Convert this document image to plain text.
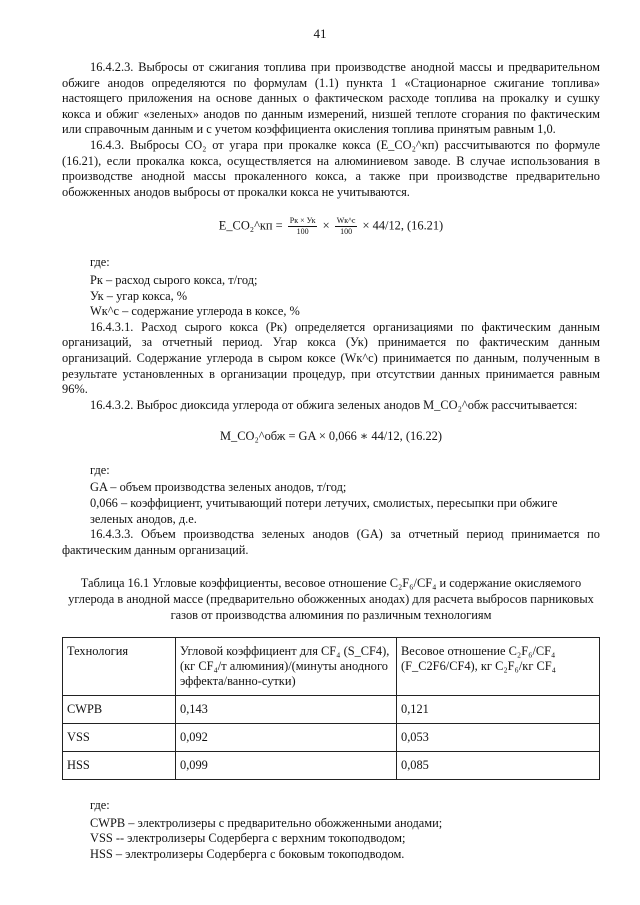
41

16.4.2.3. Выбросы от сжигания топлива при производстве анодной массы и предварительном обжиге анодов определяются по формулам (1.1) пункта 1 «Стационарное сжигание топлива» настоящего приложения на основе данных о фактическом расходе топлива на прокалку и сушку кокса и обжиг «зеленых» анодов по данным измерений, низшей теплоте сгорания по фактическим или справочным данным и с учетом коэффициента окисления топлива принятым равным 1,0.

16.4.3. Выбросы CO₂ от угара при прокалке кокса (E_CO₂^кп) рассчитываются по формуле (16.21), если прокалка кокса, осуществляется на алюминиевом заводе. В случае использования в производстве анодной массы прокаленного кокса, а также при производстве предварительно обожженных анодов выбросы от прокалки кокса не учитываются.

E_CO₂^кп = $\frac{Pк \times Ук}{100} \times \frac{Wк\^{}c}{100} \times 44/12$, (16.21)

где:

Pк – расход сырого кокса, т/год;
Ук – угар кокса, %
Wк^c – содержание углерода в коксе, %

16.4.3.1. Расход сырого кокса (Pк) определяется организациями по фактическим данным организаций, за отчетный период. Угар кокса (Ук) принимается по фактическим данным организаций. Содержание углерода в сыром коксе (Wк^c) принимается по данным, полученным в результате установленных в организации процедур, при отсутствии данных принимается равным 96%.

16.4.3.2. Выброс диоксида углерода от обжига зеленых анодов M_CO₂^обж рассчитывается:

M_CO₂^обж = GA × 0,066 ∗ 44/12, (16.22)

где:

GA – объем производства зеленых анодов, т/год;
0,066 – коэффициент, учитывающий потери летучих, смолистых, пересыпки при обжиге зеленых анодов, д.е.

16.4.3.3. Объем производства зеленых анодов (GA) за отчетный период принимается по фактическим данным организаций.

Таблица 16.1 Угловые коэффициенты, весовое отношение C₂F₆/CF₄ и содержание окисляемого углерода в анодной массе (предварительно обожженных анодах) для расчета выбросов парниковых газов от производства алюминия по различным технологиям
Технология	Угловой коэффициент для CF₄ (S_CF4), (кг CF₄/т алюминия)/(минуты анодного эффекта/ванно-сутки)	Весовое отношение C₂F₆/CF₄ (F_C2F6/CF4), кг C₂F₆/кг CF₄
CWPB	0,143	0,121
VSS	0,092	0,053
HSS	0,099	0,085

где:

CWPB – электролизеры с предварительно обожженными анодами;
VSS -- электролизеры Содерберга с верхним токоподводом;
HSS – электролизеры Содерберга с боковым токоподводом.
